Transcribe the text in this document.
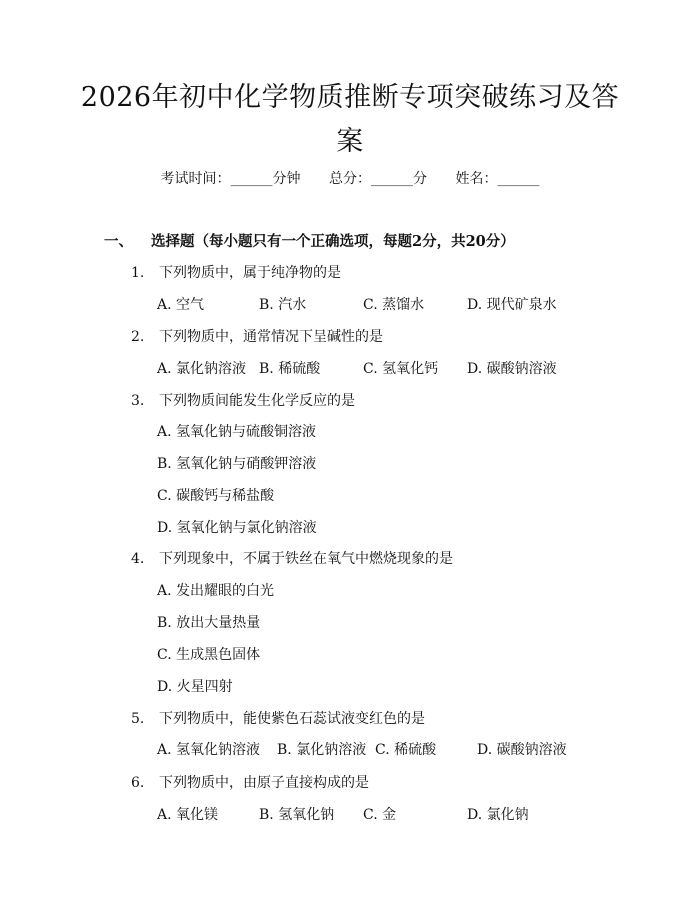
2026年初中化学物质推断专项突破练习及答
案
考试时间：______分钟 总分：______分 姓名：______
一、 选择题（每小题只有一个正确选项，每题2分，共20分）
1. 下列物质中，属于纯净物的是
A. 空气	B. 汽水	C. 蒸馏水	D. 现代矿泉水
2. 下列物质中，通常情况下呈碱性的是
A. 氯化钠溶液 B. 稀硫酸	C. 氢氧化钙 D. 碳酸钠溶液
3. 下列物质间能发生化学反应的是
A. 氢氧化钠与硫酸铜溶液
B. 氢氧化钠与硝酸钾溶液
C. 碳酸钙与稀盐酸
D. 氢氧化钠与氯化钠溶液
4. 下列现象中，不属于铁丝在氧气中燃烧现象的是
A. 发出耀眼的白光
B. 放出大量热量
C. 生成黑色固体
D. 火星四射
5. 下列物质中，能使紫色石蕊试液变红色的是
A. 氢氧化钠溶液 B. 氯化钠溶液 C. 稀硫酸	D. 碳酸钠溶液
6. 下列物质中，由原子直接构成的是
A. 氧化镁	B. 氢氧化钠 C. 金	D. 氯化钠
